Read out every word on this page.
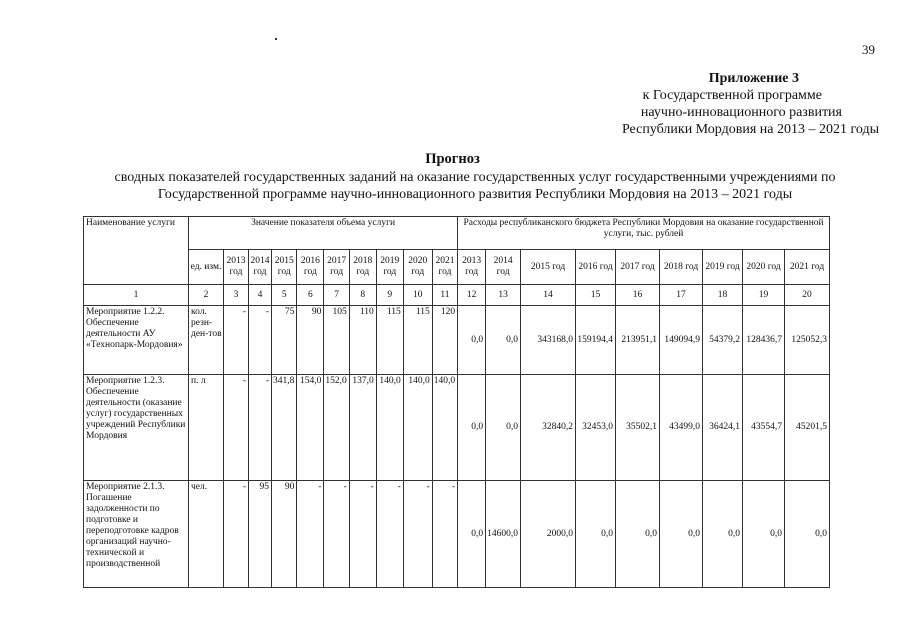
39
Приложение 3
к Государственной программе
научно-инновационного развития
Республики Мордовия на 2013 – 2021 годы
Прогноз
сводных показателей государственных заданий на оказание государственных услуг государственными учреждениями по
Государственной программе научно-инновационного развития Республики Мордовия на 2013 – 2021 годы
Наименование услуги	Значение показателя объема услуги										Расходы республиканского бюджета Республики Мордовия на оказание государственной услуги, тыс. рублей								
	ед. изм.	2013 год	2014 год	2015 год	2016 год	2017 год	2018 год	2019 год	2020 год	2021 год	2013 год	2014 год	2015 год	2016 год	2017 год	2018 год	2019 год	2020 год	2021 год
1	2	3	4	5	6	7	8	9	10	11	12	13	14	15	16	17	18	19	20
Мероприятие 1.2.2. Обеспечение деятельности АУ «Технопарк-Мордовия»	кол. резн-ден-тов	-	-	75	90	105	110	115	115	120	0,0	0,0	343168,0	159194,4	213951,1	149094,9	54379,2	128436,7	125052,3
Мероприятие 1.2.3. Обеспечение деятельности (оказание услуг) государственных учреждений Республики Мордовия	п. л	-	-	341,8	154,0	152,0	137,0	140,0	140,0	140,0	0,0	0,0	32840,2	32453,0	35502,1	43499,0	36424,1	43554,7	45201,5
Мероприятие 2.1.3. Погашение задолженности по подготовке и переподготовке кадров организаций научно-технической и производственной	чел.	-	95	90	-	-	-	-	-	-	0,0	14600,0	2000,0	0,0	0,0	0,0	0,0	0,0	0,0
